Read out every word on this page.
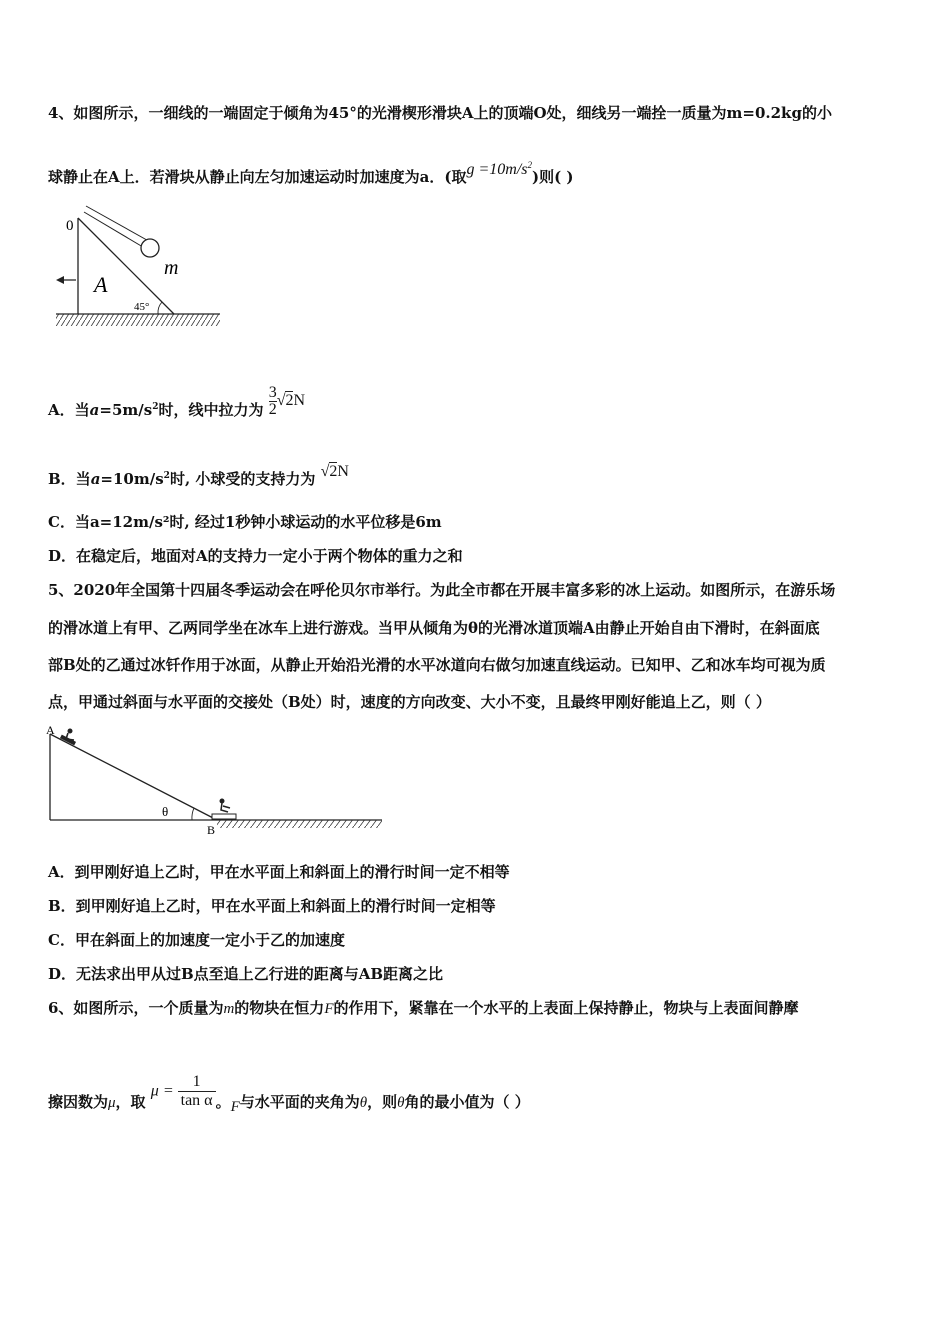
4、如图所示，一细线的一端固定于倾角为45°的光滑楔形滑块A上的顶端O处，细线另一端拴一质量为m=0.2kg的小
球静止在A上．若滑块从静止向左匀加速运动时加速度为a．(取$g =10m/s^2$)则( )
0
A
m
45°
A．当$a=5m/s^2$时，线中拉力为 $\frac{3}{2} √2N$
B．当$a=10m/s^2$时, 小球受的支持力为 √2N
C．当a=12m/s²时, 经过1秒钟小球运动的水平位移是6m
D．在稳定后，地面对A的支持力一定小于两个物体的重力之和
5、2020年全国第十四届冬季运动会在呼伦贝尔市举行。为此全市都在开展丰富多彩的冰上运动。如图所示，在游乐场
的滑冰道上有甲、乙两同学坐在冰车上进行游戏。当甲从倾角为θ的光滑冰道顶端A由静止开始自由下滑时，在斜面底
部B处的乙通过冰钎作用于冰面，从静止开始沿光滑的水平冰道向右做匀加速直线运动。已知甲、乙和冰车均可视为质
点，甲通过斜面与水平面的交接处（B处）时，速度的方向改变、大小不变，且最终甲刚好能追上乙，则（ ）
A
B
θ
A．到甲刚好追上乙时，甲在水平面上和斜面上的滑行时间一定不相等
B．到甲刚好追上乙时，甲在水平面上和斜面上的滑行时间一定相等
C．甲在斜面上的加速度一定小于乙的加速度
D．无法求出甲从过B点至追上乙行进的距离与AB距离之比
6、如图所示，一个质量为m的物块在恒力F的作用下，紧靠在一个水平的上表面上保持静止，物块与上表面间静摩
擦因数为μ，取 $\mu = \frac{1}{\text{tan α}}$ 。F与水平面的夹角为θ，则θ角的最小值为（ ）
